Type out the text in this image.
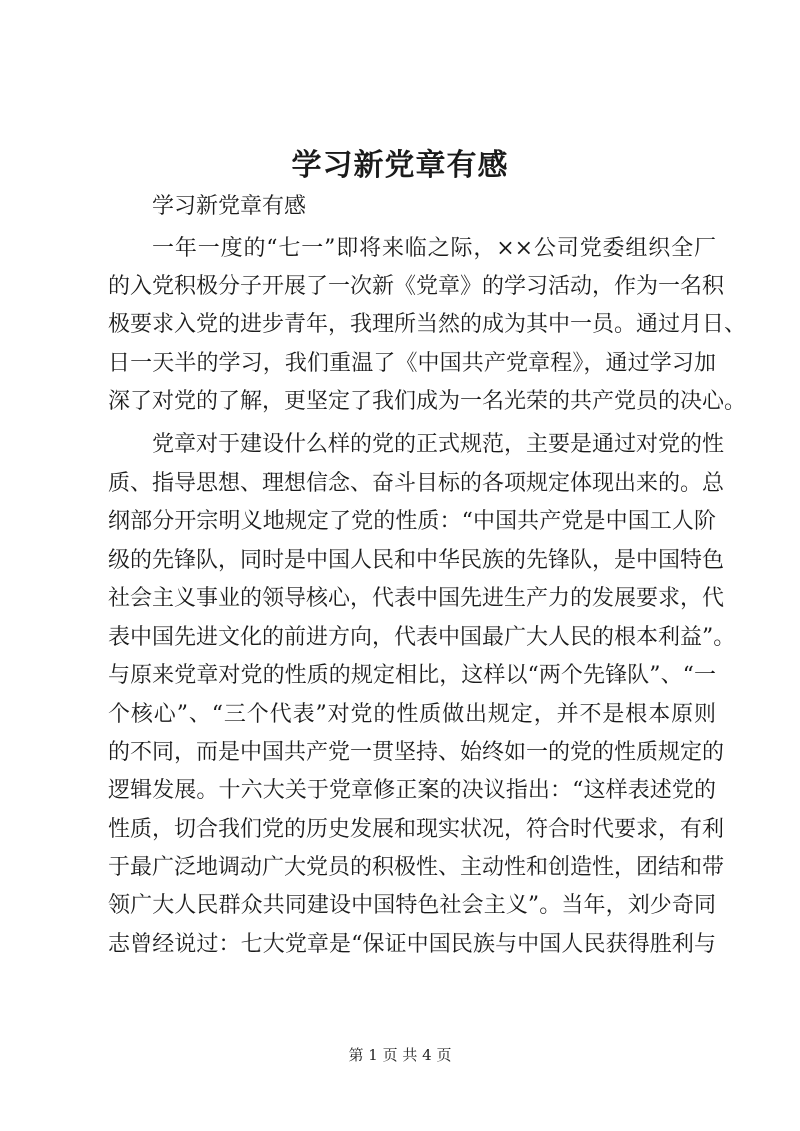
学习新党章有感
学习新党章有感
一年一度的“七一”即将来临之际，××公司党委组织全厂
的入党积极分子开展了一次新《党章》的学习活动，作为一名积
极要求入党的进步青年，我理所当然的成为其中一员。通过月日、
日一天半的学习，我们重温了《中国共产党章程》，通过学习加
深了对党的了解，更坚定了我们成为一名光荣的共产党员的决心。
党章对于建设什么样的党的正式规范，主要是通过对党的性
质、指导思想、理想信念、奋斗目标的各项规定体现出来的。总
纲部分开宗明义地规定了党的性质：“中国共产党是中国工人阶
级的先锋队，同时是中国人民和中华民族的先锋队，是中国特色
社会主义事业的领导核心，代表中国先进生产力的发展要求，代
表中国先进文化的前进方向，代表中国最广大人民的根本利益”。
与原来党章对党的性质的规定相比，这样以“两个先锋队”、“一
个核心”、“三个代表”对党的性质做出规定，并不是根本原则
的不同，而是中国共产党一贯坚持、始终如一的党的性质规定的
逻辑发展。十六大关于党章修正案的决议指出：“这样表述党的
性质，切合我们党的历史发展和现实状况，符合时代要求，有利
于最广泛地调动广大党员的积极性、主动性和创造性，团结和带
领广大人民群众共同建设中国特色社会主义”。当年，刘少奇同
志曾经说过：七大党章是“保证中国民族与中国人民获得胜利与
第 1 页 共 4 页
